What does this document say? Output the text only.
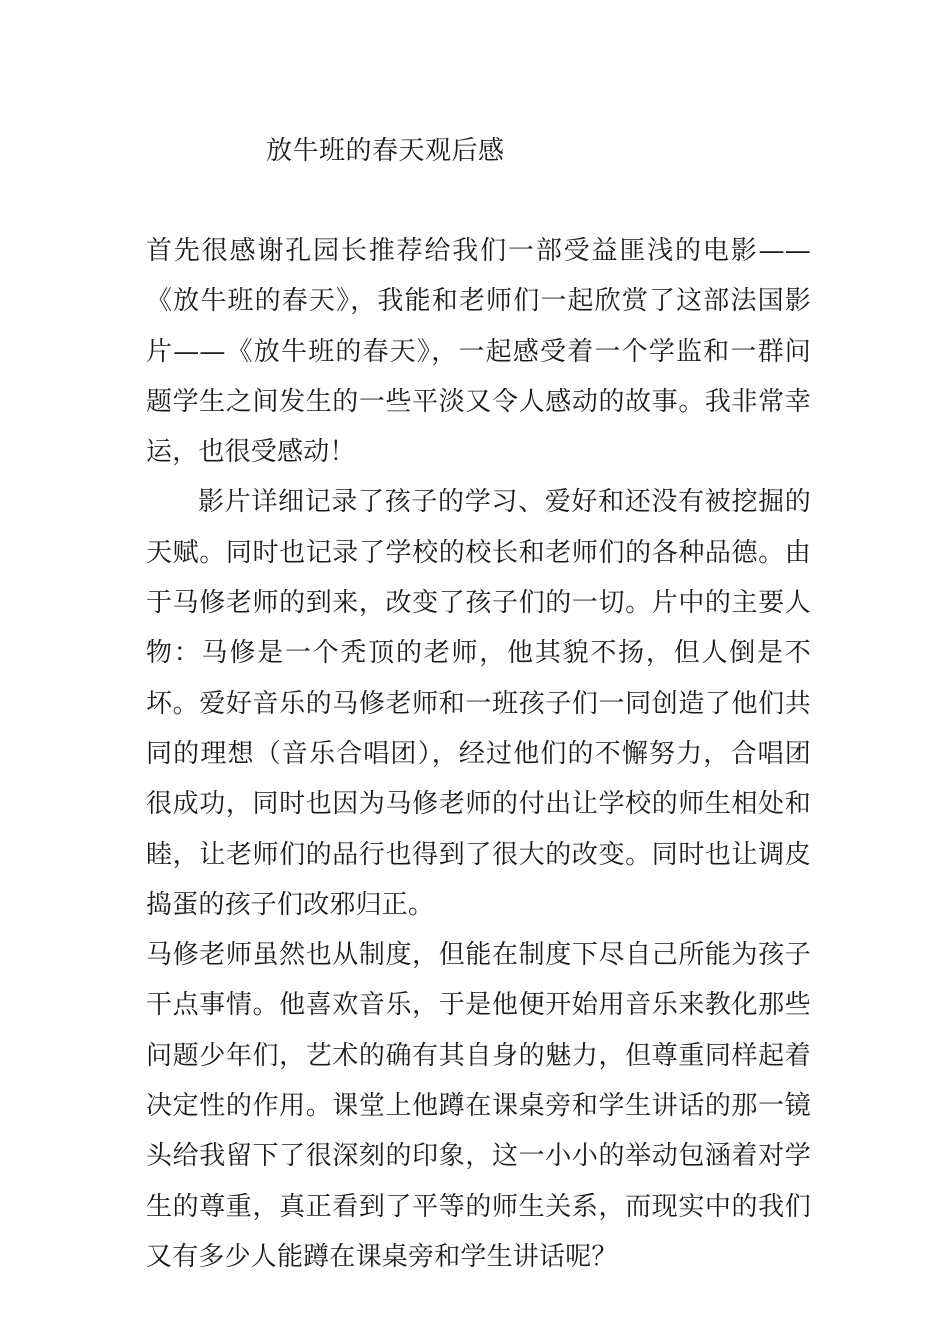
放牛班的春天观后感

首先很感谢孔园长推荐给我们一部受益匪浅的电影——《放牛班的春天》，我能和老师们一起欣赏了这部法国影片——《放牛班的春天》，一起感受着一个学监和一群问题学生之间发生的一些平淡又令人感动的故事。我非常幸运，也很受感动！

影片详细记录了孩子的学习、爱好和还没有被挖掘的天赋。同时也记录了学校的校长和老师们的各种品德。由于马修老师的到来，改变了孩子们的一切。片中的主要人物：马修是一个秃顶的老师，他其貌不扬，但人倒是不坏。爱好音乐的马修老师和一班孩子们一同创造了他们共同的理想（音乐合唱团），经过他们的不懈努力，合唱团很成功，同时也因为马修老师的付出让学校的师生相处和睦，让老师们的品行也得到了很大的改变。同时也让调皮捣蛋的孩子们改邪归正。

马修老师虽然也从制度，但能在制度下尽自己所能为孩子干点事情。他喜欢音乐，于是他便开始用音乐来教化那些问题少年们，艺术的确有其自身的魅力，但尊重同样起着决定性的作用。课堂上他蹲在课桌旁和学生讲话的那一镜头给我留下了很深刻的印象，这一小小的举动包涵着对学生的尊重，真正看到了平等的师生关系，而现实中的我们又有多少人能蹲在课桌旁和学生讲话呢？
